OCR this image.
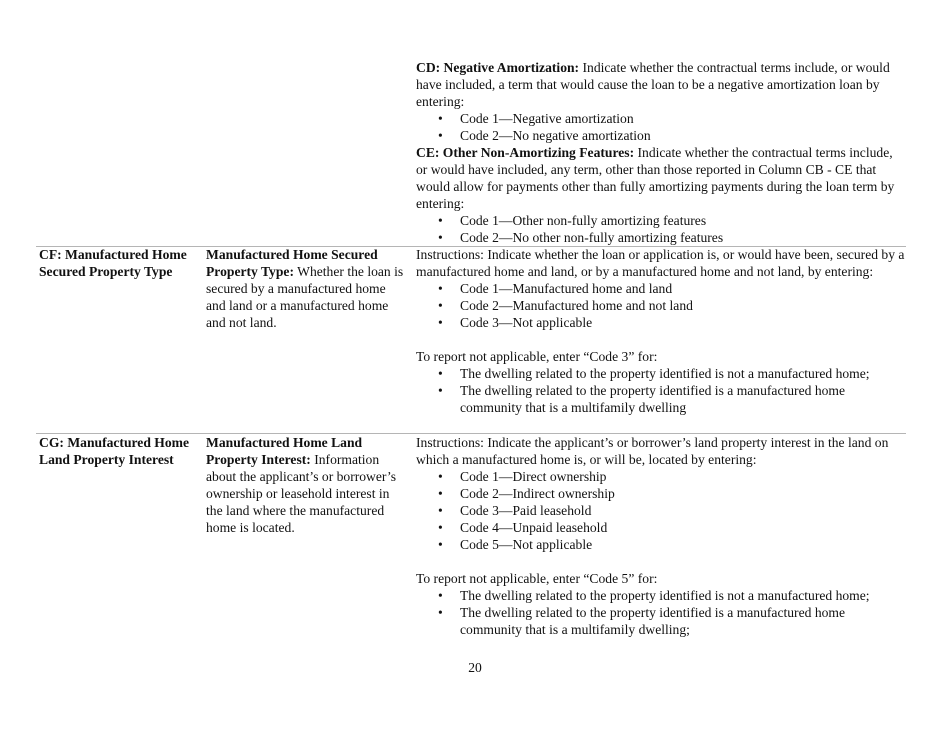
CD: Negative Amortization: Indicate whether the contractual terms include, or would have included, a term that would cause the loan to be a negative amortization loan by entering:
• Code 1—Negative amortization
• Code 2—No negative amortization
CE: Other Non-Amortizing Features: Indicate whether the contractual terms include, or would have included, any term, other than those reported in Column CB - CE that would allow for payments other than fully amortizing payments during the loan term by entering:
• Code 1—Other non-fully amortizing features
• Code 2—No other non-fully amortizing features
CF: Manufactured Home Secured Property Type
Manufactured Home Secured Property Type: Whether the loan is secured by a manufactured home and land or a manufactured home and not land.
Instructions: Indicate whether the loan or application is, or would have been, secured by a manufactured home and land, or by a manufactured home and not land, by entering:
• Code 1—Manufactured home and land
• Code 2—Manufactured home and not land
• Code 3—Not applicable
To report not applicable, enter “Code 3” for:
• The dwelling related to the property identified is not a manufactured home;
• The dwelling related to the property identified is a manufactured home community that is a multifamily dwelling
CG: Manufactured Home Land Property Interest
Manufactured Home Land Property Interest: Information about the applicant’s or borrower’s ownership or leasehold interest in the land where the manufactured home is located.
Instructions: Indicate the applicant’s or borrower’s land property interest in the land on which a manufactured home is, or will be, located by entering:
• Code 1—Direct ownership
• Code 2—Indirect ownership
• Code 3—Paid leasehold
• Code 4—Unpaid leasehold
• Code 5—Not applicable
To report not applicable, enter “Code 5” for:
• The dwelling related to the property identified is not a manufactured home;
• The dwelling related to the property identified is a manufactured home community that is a multifamily dwelling;
20
